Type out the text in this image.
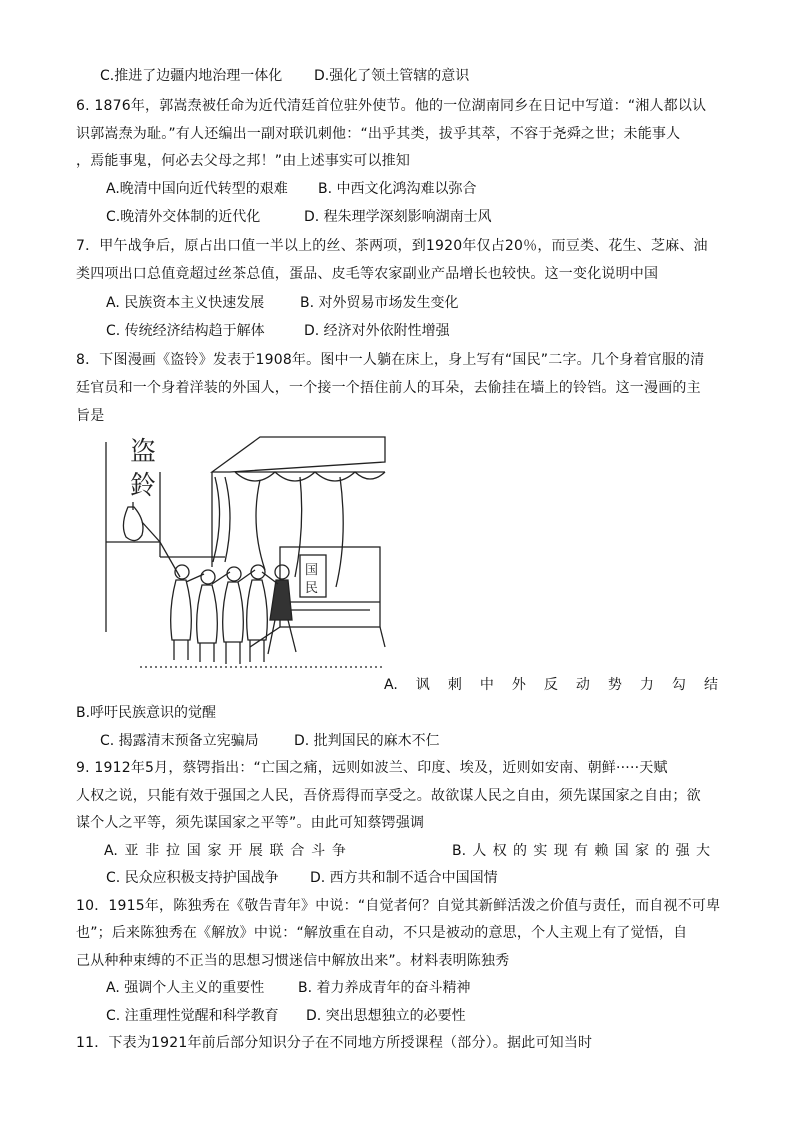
C.推进了边疆内地治理一体化 D.强化了领土管辖的意识
6. 1876年，郭嵩焘被任命为近代清廷首位驻外使节。他的一位湖南同乡在日记中写道：“湘人都以认
识郭嵩焘为耻。”有人还编出一副对联讥刺他：“出乎其类，拔乎其萃，不容于尧舜之世；未能事人
，焉能事鬼，何必去父母之邦！”由上述事实可以推知
A.晚清中国向近代转型的艰难 B. 中西文化鸿沟难以弥合
C.晚清外交体制的近代化	D. 程朱理学深刻影响湖南士风
7．甲午战争后，原占出口值一半以上的丝、茶两项，到1920年仅占20％，而豆类、花生、芝麻、油
类四项出口总值竟超过丝茶总值，蛋品、皮毛等农家副业产品增长也较快。这一变化说明中国
A. 民族资本主义快速发展	B. 对外贸易市场发生变化
C. 传统经济结构趋于解体	D. 经济对外依附性增强
8．下图漫画《盗铃》发表于1908年。图中一人躺在床上，身上写有“国民”二字。几个身着官服的清
廷官员和一个身着洋装的外国人，一个接一个捂住前人的耳朵，去偷挂在墙上的铃铛。这一漫画的主
旨是
盗
鈴
国
民
A. 讽 刺 中 外 反 动 势 力 勾 结
B.呼吁民族意识的觉醒
C. 揭露清末预备立宪骗局	D. 批判国民的麻木不仁
9. 1912年5月，蔡锷指出：“亡国之痛，远则如波兰、印度、埃及，近则如安南、朝鲜·····天赋
人权之说，只能有效于强国之人民，吾侪焉得而享受之。故欲谋人民之自由，须先谋国家之自由；欲
谋个人之平等，须先谋国家之平等”。由此可知蔡锷强调
A. 亚 非 拉 国 家 开 展 联 合 斗 争	B. 人 权 的 实 现 有 赖 国 家 的 强 大
C. 民众应积极支持护国战争 D. 西方共和制不适合中国国情
10．1915年，陈独秀在《敬告青年》中说：“自觉者何？自觉其新鲜活泼之价值与责任，而自视不可卑
也”；后来陈独秀在《解放》中说：“解放重在自动，不只是被动的意思，个人主观上有了觉悟，自
己从种种束缚的不正当的思想习惯迷信中解放出来”。材料表明陈独秀
A. 强调个人主义的重要性 B. 着力养成青年的奋斗精神
C. 注重理性觉醒和科学教育 D. 突出思想独立的必要性
11．下表为1921年前后部分知识分子在不同地方所授课程（部分）。据此可知当时
